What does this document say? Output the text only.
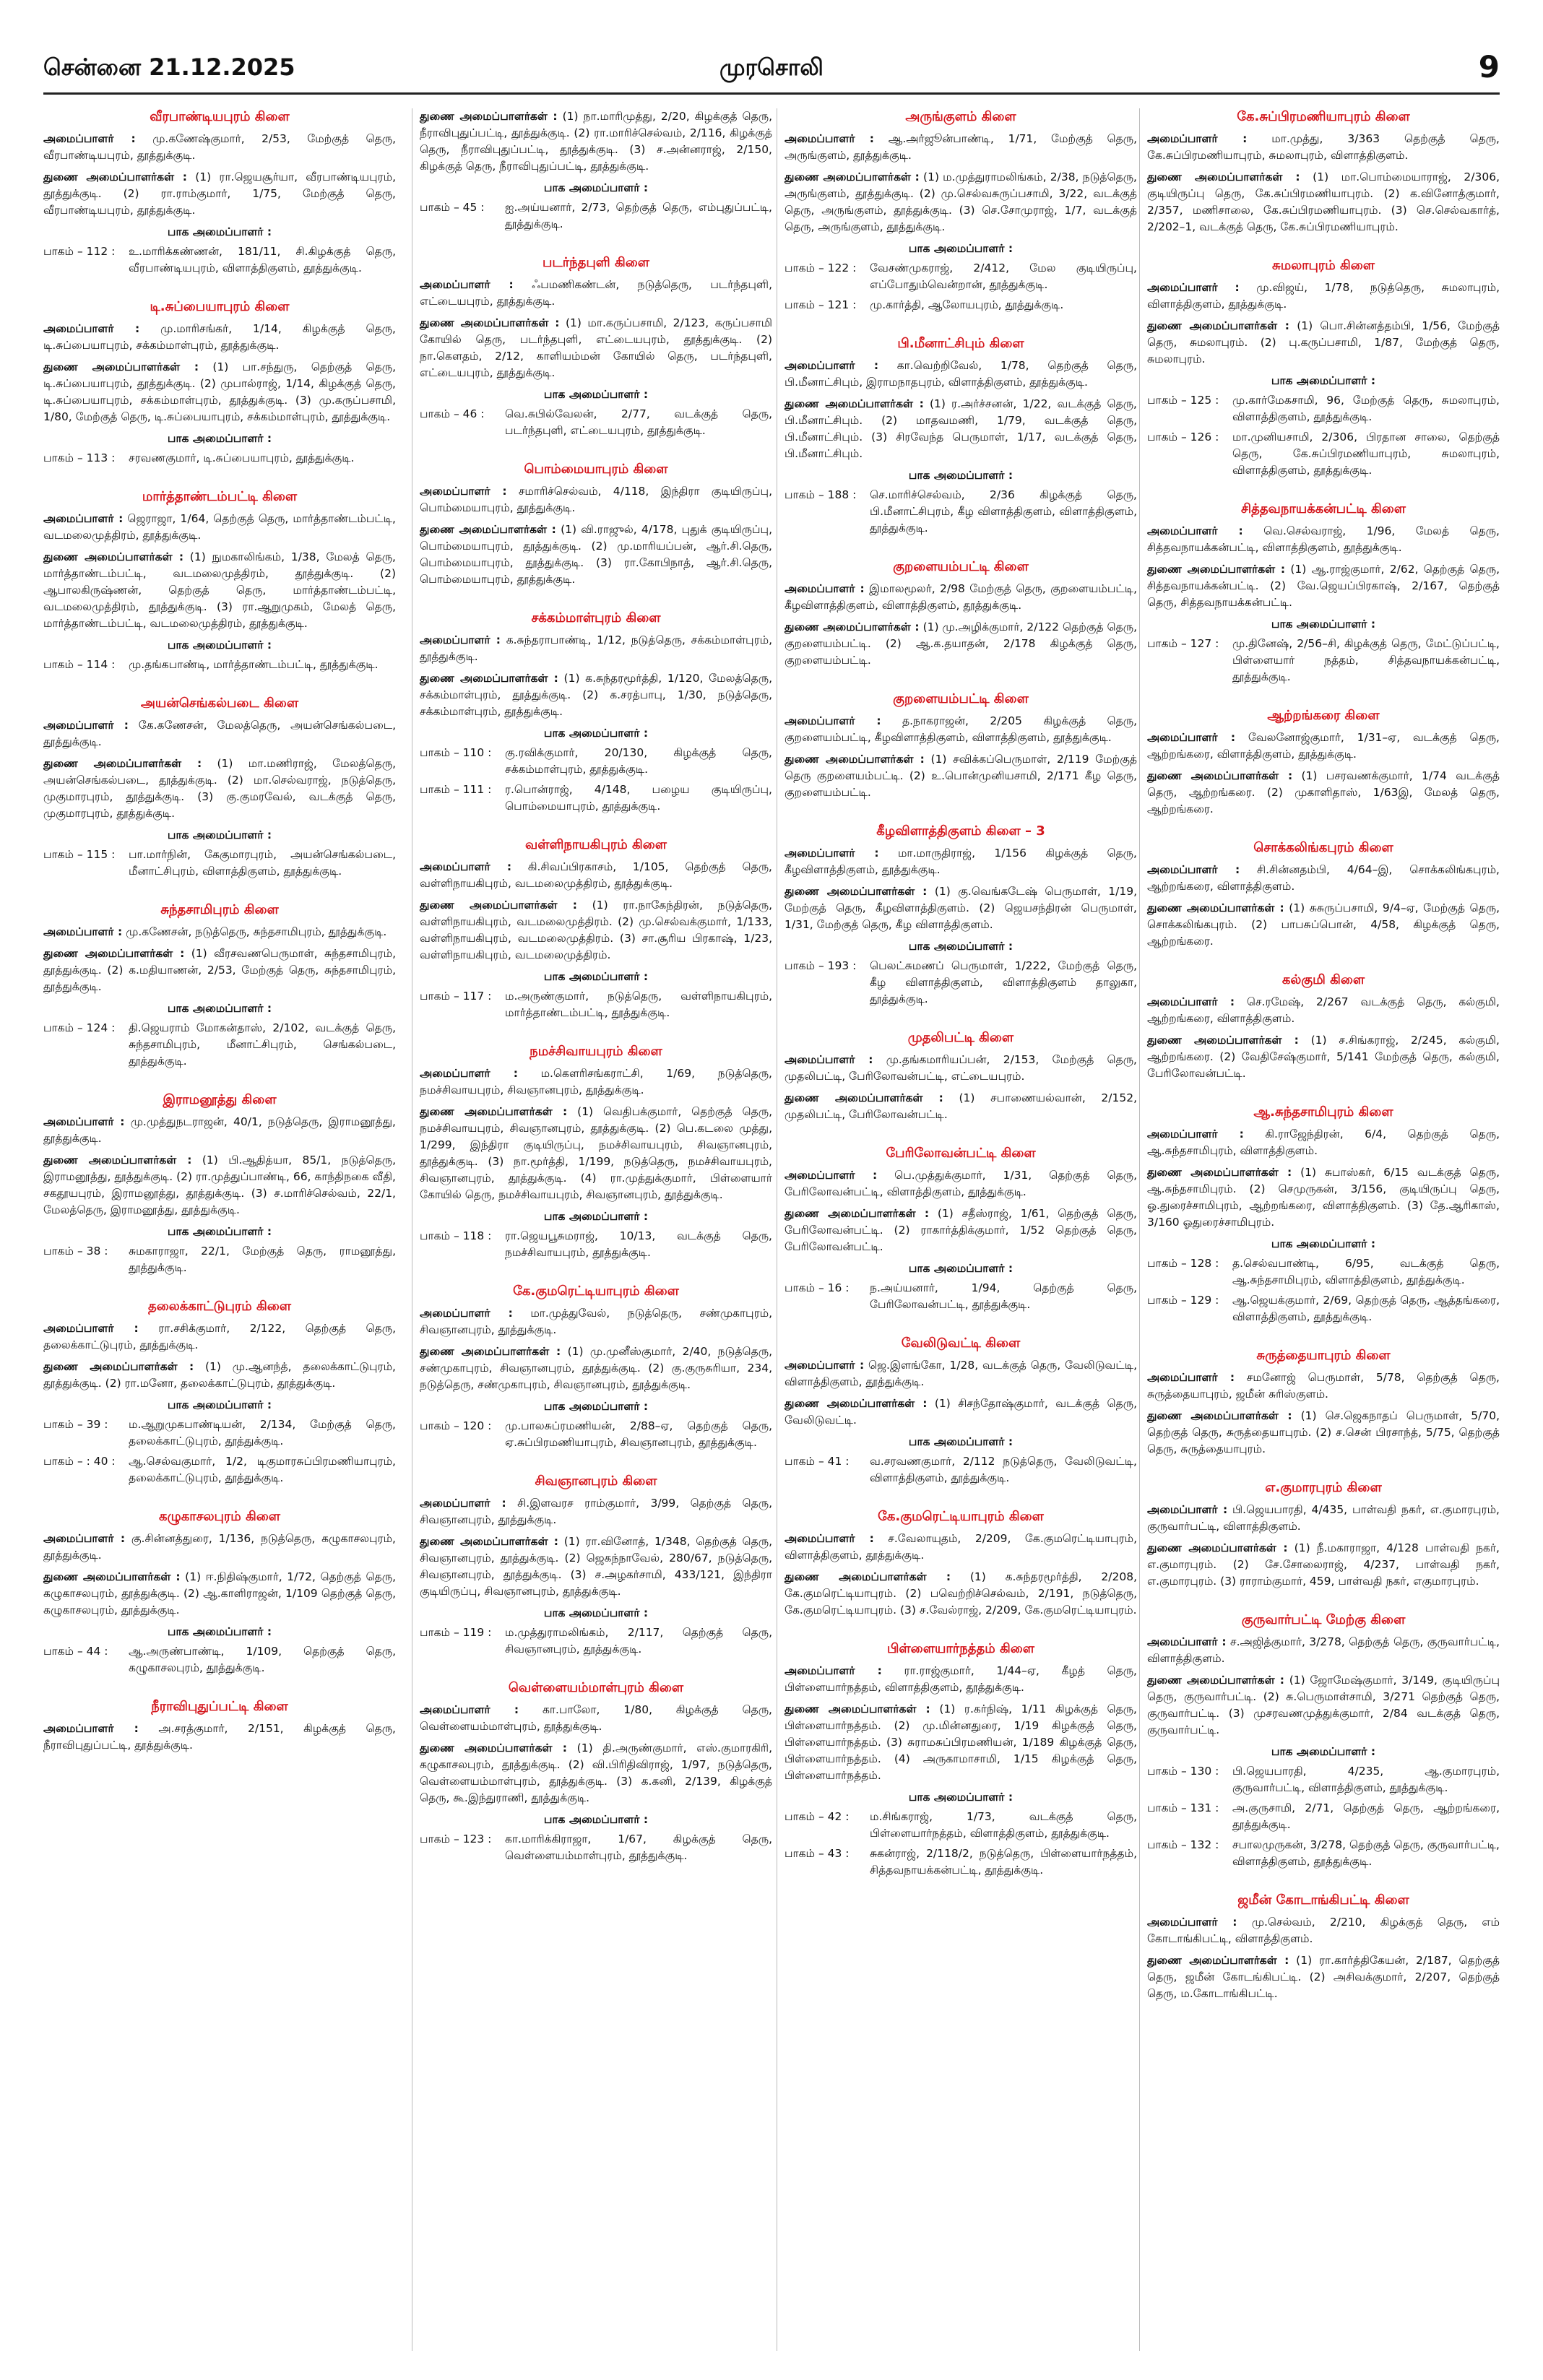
சென்னை 21.12.2025	முரசொலி	9
வீரபாண்டியபுரம் கிளை

அமைப்பாளர் : மு.கணேஷ்குமார், 2/53, மேற்குத் தெரு, வீரபாண்டியபுரம், தூத்துக்குடி.

துணை அமைப்பாளர்கள் : (1) ரா.ஜெயசூர்யா, வீரபாண்டியபுரம், தூத்துக்குடி. (2) ரா.ராம்குமார், 1/75, மேற்குத் தெரு, வீரபாண்டியபுரம், தூத்துக்குடி.

பாக அமைப்பாளர் :
பாகம் – 112 :	உ.மாரிக்கண்ணன், 181/11, சி.கிழக்குத் தெரு, வீரபாண்டியபுரம், விளாத்திகுளம், தூத்துக்குடி.
டி.சுப்பையாபுரம் கிளை

அமைப்பாளர் : மு.மாரிசங்கர், 1/14, கிழக்குத் தெரு, டி.சுப்பையாபுரம், சக்கம்மாள்புரம், தூத்துக்குடி.

துணை அமைப்பாளர்கள் : (1) பா.சந்துரு, தெற்குத் தெரு, டி.சுப்பையாபுரம், தூத்துக்குடி. (2) முபால்ராஜ், 1/14, கிழக்குத் தெரு, டி.சுப்பையாபுரம், சக்கம்மாள்புரம், தூத்துக்குடி. (3) மு.கருப்பசாமி, 1/80, மேற்குத் தெரு, டி.சுப்பையாபுரம், சக்கம்மாள்புரம், தூத்துக்குடி.

பாக அமைப்பாளர் :
பாகம் – 113 :	சரவணகுமார், டி.சுப்பையாபுரம், தூத்துக்குடி.
மார்த்தாண்டம்பட்டி கிளை

அமைப்பாளர் : ஜெராஜா, 1/64, தெற்குத் தெரு, மார்த்தாண்டம்பட்டி, வடமலைமுத்திரம், தூத்துக்குடி.

துணை அமைப்பாளர்கள் : (1) நுமகாலிங்கம், 1/38, மேலத் தெரு, மார்த்தாண்டம்பட்டி, வடமலைமுத்திரம், தூத்துக்குடி. (2) ஆபாலகிருஷ்ணன், தெற்குத் தெரு, மார்த்தாண்டம்பட்டி, வடமலைமுத்திரம், தூத்துக்குடி. (3) ரா.ஆறுமுகம், மேலத் தெரு, மார்த்தாண்டம்பட்டி, வடமலைமுத்திரம், தூத்துக்குடி.

பாக அமைப்பாளர் :
பாகம் – 114 :	மு.தங்கபாண்டி, மார்த்தாண்டம்பட்டி, தூத்துக்குடி.
அயன்செங்கல்படை கிளை

அமைப்பாளர் : கே.கணேசன், மேலத்தெரு, அயன்செங்கல்படை, தூத்துக்குடி.

துணை அமைப்பாளர்கள் : (1) மா.மணிராஜ், மேலத்தெரு, அயன்செங்கல்படை, தூத்துக்குடி. (2) மா.செல்வராஜ், நடுத்தெரு, முகுமாரபுரம், தூத்துக்குடி. (3) கு.குமரவேல், வடக்குத் தெரு, முகுமாரபுரம், தூத்துக்குடி.

பாக அமைப்பாளர் :
பாகம் – 115 :	பா.மார்நின், கேகுமாரபுரம், அயன்செங்கல்படை, மீனாட்சிபுரம், விளாத்திகுளம், தூத்துக்குடி.
சுந்தசாமிபுரம் கிளை

அமைப்பாளர் : மு.கணேசன், நடுத்தெரு, சுந்தசாமிபுரம், தூத்துக்குடி.

துணை அமைப்பாளர்கள் : (1) வீரசவணபெருமாள், சுந்தசாமிபுரம், தூத்துக்குடி. (2) க.மதியாணன், 2/53, மேற்குத் தெரு, சுந்தசாமிபுரம், தூத்துக்குடி.

பாக அமைப்பாளர் :
பாகம் – 124 :	தி.ஜெயராம் மோகன்தாஸ், 2/102, வடக்குத் தெரு, சுந்தசாமிபுரம், மீனாட்சிபுரம், செங்கல்படை, தூத்துக்குடி.
இராமனூத்து கிளை

அமைப்பாளர் : மு.முத்துநடராஜன், 40/1, நடுத்தெரு, இராமனூத்து, தூத்துக்குடி.

துணை அமைப்பாளர்கள் : (1) பி.ஆதித்யா, 85/1, நடுத்தெரு, இராமனூத்து, தூத்துக்குடி. (2) ரா.முத்துப்பாண்டி, 66, காந்திநகை வீதி, சகதூயபுரம், இராமனூத்து, தூத்துக்குடி. (3) ச.மாரிச்செல்வம், 22/1, மேலத்தெரு, இராமனூத்து, தூத்துக்குடி.

பாக அமைப்பாளர் :
பாகம் – 38 :	சுமகாராஜா, 22/1, மேற்குத் தெரு, ராமனூத்து, தூத்துக்குடி.
தலைக்காட்டுபுரம் கிளை

அமைப்பாளர் : ரா.சசிக்குமார், 2/122, தெற்குத் தெரு, தலைக்காட்டுபுரம், தூத்துக்குடி.

துணை அமைப்பாளர்கள் : (1) மு.ஆனந்த், தலைக்காட்டுபுரம், தூத்துக்குடி. (2) ரா.மனோ, தலைக்காட்டுபுரம், தூத்துக்குடி.

பாக அமைப்பாளர் :
பாகம் – 39 :	ம.ஆறுமுகபாண்டியன், 2/134, மேற்குத் தெரு, தலைக்காட்டுபுரம், தூத்துக்குடி.
பாகம் – : 40 :	ஆ.செல்வகுமார், 1/2, டிகுமாரசுப்பிரமணியாபுரம், தலைக்காட்டுபுரம், தூத்துக்குடி.
கழுகாசலபுரம் கிளை

அமைப்பாளர் : கு.சின்னத்துரை, 1/136, நடுத்தெரு, கழுகாசலபுரம், தூத்துக்குடி.

துணை அமைப்பாளர்கள் : (1) ஈ.நிதிஷ்குமார், 1/72, தெற்குத் தெரு, கழுகாசலபுரம், தூத்துக்குடி. (2) ஆ.காளிராஜன், 1/109 தெற்குத் தெரு, கழுகாசலபுரம், தூத்துக்குடி.

பாக அமைப்பாளர் :
பாகம் – 44 :	ஆ.அருண்பாண்டி, 1/109, தெற்குத் தெரு, கழுகாசலபுரம், தூத்துக்குடி.
நீராவிபுதுப்பட்டி கிளை

அமைப்பாளர் : அ.சரத்குமார், 2/151, கிழக்குத் தெரு, நீராவிபுதுப்பட்டி, தூத்துக்குடி.

துணை அமைப்பாளர்கள் : (1) நா.மாரிமுத்து, 2/20, கிழக்குத் தெரு, நீராவிபுதுப்பட்டி, தூத்துக்குடி. (2) ரா.மாரிச்செல்வம், 2/116, கிழக்குத் தெரு, நீராவிபுதுப்பட்டி, தூத்துக்குடி. (3) ச.அன்னராஜ், 2/150, கிழக்குத் தெரு, நீராவிபுதுப்பட்டி, தூத்துக்குடி.

பாக அமைப்பாளர் :
பாகம் – 45 :	ஐ.அய்யனார், 2/73, தெற்குத் தெரு, எம்புதுப்பட்டி, தூத்துக்குடி.
படர்ந்தபுளி கிளை

அமைப்பாளர் : ஃபமணிகண்டன், நடுத்தெரு, படர்ந்தபுளி, எட்டையபுரம், தூத்துக்குடி.

துணை அமைப்பாளர்கள் : (1) மா.கருப்பசாமி, 2/123, கருப்பசாமி கோயில் தெரு, படர்ந்தபுளி, எட்டையபுரம், தூத்துக்குடி. (2) நா.கௌதம், 2/12, காளியம்மன் கோயில் தெரு, படர்ந்தபுளி, எட்டையபுரம், தூத்துக்குடி.

பாக அமைப்பாளர் :
பாகம் – 46 :	வெ.சுபில்வேலன், 2/77, வடக்குத் தெரு, படர்ந்தபுளி, எட்டையபுரம், தூத்துக்குடி.
பொம்மையாபுரம் கிளை

அமைப்பாளர் : சமாரிச்செல்வம், 4/118, இந்திரா குடியிருப்பு, பொம்மையாபுரம், தூத்துக்குடி.

துணை அமைப்பாளர்கள் : (1) வி.ராஜுல், 4/178, புதுக் குடியிருப்பு, பொம்மையாபுரம், தூத்துக்குடி. (2) மு.மாரியப்பன், ஆர்.சி.தெரு, பொம்மையாபுரம், தூத்துக்குடி. (3) ரா.கோபிநாத், ஆர்.சி.தெரு, பொம்மையாபுரம், தூத்துக்குடி.

சக்கம்மாள்புரம் கிளை

அமைப்பாளர் : க.சுந்தராபாண்டி, 1/12, நடுத்தெரு, சக்கம்மாள்புரம், தூத்துக்குடி.

துணை அமைப்பாளர்கள் : (1) க.சுந்தரமூர்த்தி, 1/120, மேலத்தெரு, சக்கம்மாள்புரம், தூத்துக்குடி. (2) க.சரத்பாபு, 1/30, நடுத்தெரு, சக்கம்மாள்புரம், தூத்துக்குடி.

பாக அமைப்பாளர் :
பாகம் – 110 :	கு.ரவிக்குமார், 20/130, கிழக்குத் தெரு, சக்கம்மாள்புரம், தூத்துக்குடி.
பாகம் – 111 :	ர.பொன்ராஜ், 4/148, பழைய குடியிருப்பு, பொம்மையாபுரம், தூத்துக்குடி.
வள்ளிநாயகிபுரம் கிளை

அமைப்பாளர் : கி.சிவப்பிரகாசம், 1/105, தெற்குத் தெரு, வள்ளிநாயகிபுரம், வடமலைமுத்திரம், தூத்துக்குடி.

துணை அமைப்பாளர்கள் : (1) ரா.நாகேந்திரன், நடுத்தெரு, வள்ளிநாயகிபுரம், வடமலைமுத்திரம். (2) மு.செல்வக்குமார், 1/133, வள்ளிநாயகிபுரம், வடமலைமுத்திரம். (3) சா.சூரிய பிரகாஷ், 1/23, வள்ளிநாயகிபுரம், வடமலைமுத்திரம்.

பாக அமைப்பாளர் :
பாகம் – 117 :	ம.அருண்குமார், நடுத்தெரு, வள்ளிநாயகிபுரம், மார்த்தாண்டம்பட்டி, தூத்துக்குடி.
நமச்சிவாயபுரம் கிளை

அமைப்பாளர் : ம.கௌரிசங்கராட்சி, 1/69, நடுத்தெரு, நமச்சிவாயபுரம், சிவஞானபுரம், தூத்துக்குடி.

துணை அமைப்பாளர்கள் : (1) வெதிபக்குமார், தெற்குத் தெரு, நமச்சிவாயபுரம், சிவஞானபுரம், தூத்துக்குடி. (2) பெ.கடலை முத்து, 1/299, இந்திரா குடியிருப்பு, நமச்சிவாயபுரம், சிவஞானபுரம், தூத்துக்குடி. (3) நா.மூர்த்தி, 1/199, நடுத்தெரு, நமச்சிவாயபுரம், சிவஞானபுரம், தூத்துக்குடி. (4) ரா.முத்துக்குமார், பிள்ளையார் கோயில் தெரு, நமச்சிவாயபுரம், சிவஞானபுரம், தூத்துக்குடி.

பாக அமைப்பாளர் :
பாகம் – 118 :	ரா.ஜெயபூசுமராஜ், 10/13, வடக்குத் தெரு, நமச்சிவாயபுரம், தூத்துக்குடி.
கே.குமரெட்டியாபுரம் கிளை

அமைப்பாளர் : மா.முத்துவேல், நடுத்தெரு, சண்முகாபுரம், சிவஞானபுரம், தூத்துக்குடி.

துணை அமைப்பாளர்கள் : (1) மு.முனீஸ்குமார், 2/40, நடுத்தெரு, சண்முகாபுரம், சிவஞானபுரம், தூத்துக்குடி. (2) கு.குருசுரியா, 234, நடுத்தெரு, சண்முகாபுரம், சிவஞானபுரம், தூத்துக்குடி.

பாக அமைப்பாளர் :
பாகம் – 120 :	மு.பாலசுப்ரமணியன், 2/88–ஏ, தெற்குத் தெரு, ஏ.சுப்பிரமணியாபுரம், சிவஞானபுரம், தூத்துக்குடி.
சிவஞானபுரம் கிளை

அமைப்பாளர் : சி.இளவரச ராம்குமார், 3/99, தெற்குத் தெரு, சிவஞானபுரம், தூத்துக்குடி.

துணை அமைப்பாளர்கள் : (1) ரா.வினோத், 1/348, தெற்குத் தெரு, சிவஞானபுரம், தூத்துக்குடி. (2) ஜெகந்நாவேல், 280/67, நடுத்தெரு, சிவஞானபுரம், தூத்துக்குடி. (3) ச.அழகர்சாமி, 433/121, இந்திரா குடியிருப்பு, சிவஞானபுரம், தூத்துக்குடி.

பாக அமைப்பாளர் :
பாகம் – 119 :	ம.முத்துராமலிங்கம், 2/117, தெற்குத் தெரு, சிவஞானபுரம், தூத்துக்குடி.
வெள்ளையம்மாள்புரம் கிளை

அமைப்பாளர் : கா.பாலோ, 1/80, கிழக்குத் தெரு, வெள்ளையம்மாள்புரம், தூத்துக்குடி.

துணை அமைப்பாளர்கள் : (1) தி.அருண்குமார், எஸ்.குமாரகிரி, கழுகாசலபுரம், தூத்துக்குடி. (2) வி.பிரிதிவிராஜ், 1/97, நடுத்தெரு, வெள்ளையம்மாள்புரம், தூத்துக்குடி. (3) க.கனி, 2/139, கிழக்குத் தெரு, கூ.இந்துராணி, தூத்துக்குடி.

பாக அமைப்பாளர் :
பாகம் – 123 :	கா.மாரிக்கிராஜா, 1/67, கிழக்குத் தெரு, வெள்ளையம்மாள்புரம், தூத்துக்குடி.
அருங்குளம் கிளை

அமைப்பாளர் : ஆ.அர்ஜூன்பாண்டி, 1/71, மேற்குத் தெரு, அருங்குளம், தூத்துக்குடி.

துணை அமைப்பாளர்கள் : (1) ம.முத்துராமலிங்கம், 2/38, நடுத்தெரு, அருங்குளம், தூத்துக்குடி. (2) மு.செல்வசுருப்பசாமி, 3/22, வடக்குத் தெரு, அருங்குளம், தூத்துக்குடி. (3) செ.சோமுராஜ், 1/7, வடக்குத் தெரு, அருங்குளம், தூத்துக்குடி.

பாக அமைப்பாளர் :
பாகம் – 122 :	வேசண்முகராஜ், 2/412, மேல குடியிருப்பு, எப்போதும்வென்றான், தூத்துக்குடி.
பாகம் – 121 :	மு.கார்த்தி, ஆலோயபுரம், தூத்துக்குடி.
பி.மீனாட்சிபும் கிளை

அமைப்பாளர் : கா.வெற்றிவேல், 1/78, தெற்குத் தெரு, பி.மீனாட்சிபும், இராமநாதபுரம், விளாத்திகுளம், தூத்துக்குடி.

துணை அமைப்பாளர்கள் : (1) ர.அர்ச்சனன், 1/22, வடக்குத் தெரு, பி.மீனாட்சிபும். (2) மாதவமணி, 1/79, வடக்குத் தெரு, பி.மீனாட்சிபும். (3) சிரவேந்த பெருமாள், 1/17, வடக்குத் தெரு, பி.மீனாட்சிபும்.

பாக அமைப்பாளர் :
பாகம் – 188 :	செ.மாரிச்செல்வம், 2/36 கிழக்குத் தெரு, பி.மீனாட்சிபுரம், கீழ விளாத்திகுளம், விளாத்திகுளம், தூத்துக்குடி.
குறளையம்பட்டி கிளை

அமைப்பாளர் : இமாலமூலர், 2/98 மேற்குத் தெரு, குறளையம்பட்டி, கீழவிளாத்திகுளம், விளாத்திகுளம், தூத்துக்குடி.

துணை அமைப்பாளர்கள் : (1) மு.அழிக்குமார், 2/122 தெற்குத் தெரு, குறளையம்பட்டி. (2) ஆ.க.தயாதன், 2/178 கிழக்குத் தெரு, குறளையம்பட்டி.

குறளையம்பட்டி கிளை

அமைப்பாளர் : த.நாகராஜன், 2/205 கிழக்குத் தெரு, குறளையம்பட்டி, கீழவிளாத்திகுளம், விளாத்திகுளம், தூத்துக்குடி.

துணை அமைப்பாளர்கள் : (1) சவிக்கப்பெருமாள், 2/119 மேற்குத் தெரு குறளையம்பட்டி. (2) உ.பொன்முனியசாமி, 2/171 கீழ தெரு, குறளையம்பட்டி.

கீழவிளாத்திகுளம் கிளை – 3

அமைப்பாளர் : மா.மாருதிராஜ், 1/156 கிழக்குத் தெரு, கீழவிளாத்திகுளம், தூத்துக்குடி.

துணை அமைப்பாளர்கள் : (1) கு.வெங்கடேஷ் பெருமாள், 1/19, மேற்குத் தெரு, கீழவிளாத்திகுளம். (2) ஜெயசந்திரன் பெருமாள், 1/31, மேற்குத் தெரு, கீழ விளாத்திகுளம்.

பாக அமைப்பாளர் :
பாகம் – 193 :	பெலட்சுமணப் பெருமாள், 1/222, மேற்குத் தெரு, கீழ விளாத்திகுளம், விளாத்திகுளம் தாலுகா, தூத்துக்குடி.
முதலிபட்டி கிளை

அமைப்பாளர் : மு.தங்கமாரியப்பன், 2/153, மேற்குத் தெரு, முதலிபட்டி, பேரிலோவன்பட்டி, எட்டையபுரம்.

துணை அமைப்பாளர்கள் : (1) சபாணையல்வான், 2/152, முதலிபட்டி, பேரிலோவன்பட்டி.

பேரிலோவன்பட்டி கிளை

அமைப்பாளர் : பெ.முத்துக்குமார், 1/31, தெற்குத் தெரு, பேரிலோவன்பட்டி, விளாத்திகுளம், தூத்துக்குடி.

துணை அமைப்பாளர்கள் : (1) சதீஸ்ராஜ், 1/61, தெற்குத் தெரு, பேரிலோவன்பட்டி. (2) ராகார்த்திக்குமார், 1/52 தெற்குத் தெரு, பேரிலோவன்பட்டி.

பாக அமைப்பாளர் :
பாகம் – 16 :	ந.அய்யனார், 1/94, தெற்குத் தெரு, பேரிலோவன்பட்டி, தூத்துக்குடி.
வேலிடுவட்டி கிளை

அமைப்பாளர் : ஜெ.இளங்கோ, 1/28, வடக்குத் தெரு, வேலிடுவட்டி, விளாத்திகுளம், தூத்துக்குடி.

துணை அமைப்பாளர்கள் : (1) சிசந்தோஷ்குமார், வடக்குத் தெரு, வேலிடுவட்டி.

பாக அமைப்பாளர் :
பாகம் – 41 :	வ.சரவணகுமார், 2/112 நடுத்தெரு, வேலிடுவட்டி, விளாத்திகுளம், தூத்துக்குடி.
கே.குமரெட்டியாபுரம் கிளை

அமைப்பாளர் : ச.வேலாயுதம், 2/209, கே.குமரெட்டியாபுரம், விளாத்திகுளம், தூத்துக்குடி.

துணை அமைப்பாளர்கள் : (1) க.சுந்தரமூர்த்தி, 2/208, கே.குமரெட்டியாபுரம். (2) பவெற்றிச்செல்வம், 2/191, நடுத்தெரு, கே.குமரெட்டியாபுரம். (3) ச.வேல்ராஜ், 2/209, கே.குமரெட்டியாபுரம்.

பிள்ளையார்நத்தம் கிளை

அமைப்பாளர் : ரா.ராஜ்குமார், 1/44–ஏ, கீழத் தெரு, பிள்ளையார்நத்தம், விளாத்திகுளம், தூத்துக்குடி.

துணை அமைப்பாளர்கள் : (1) ர.கர்நிஷ், 1/11 கிழக்குத் தெரு, பிள்ளையார்நத்தம். (2) மு.மின்னதுரை, 1/19 கிழக்குத் தெரு, பிள்ளையார்நத்தம். (3) சுராமசுப்பிரமணியன், 1/189 கிழக்குத் தெரு, பிள்ளையார்நத்தம். (4) அருகாமாசாமி, 1/15 கிழக்குத் தெரு, பிள்ளையார்நத்தம்.

பாக அமைப்பாளர் :
பாகம் – 42 :	ம.சிங்கராஜ், 1/73, வடக்குத் தெரு, பிள்ளையார்நத்தம், விளாத்திகுளம், தூத்துக்குடி.
பாகம் – 43 :	சுகன்ராஜ், 2/118/2, நடுத்தெரு, பிள்ளையார்நத்தம், சித்தவநாயக்கன்பட்டி, தூத்துக்குடி.
கே.சுப்பிரமணியாபுரம் கிளை

அமைப்பாளர் : மா.முத்து, 3/363 தெற்குத் தெரு, கே.சுப்பிரமணியாபுரம், சுமலாபுரம், விளாத்திகுளம்.

துணை அமைப்பாளர்கள் : (1) மா.பொம்மையாராஜ், 2/306, குடியிருப்பு தெரு, கே.சுப்பிரமணியாபுரம். (2) க.வினோத்குமார், 2/357, மணிசாலை, கே.சுப்பிரமணியாபுரம். (3) செ.செல்வகார்த், 2/202–1, வடக்குத் தெரு, கே.சுப்பிரமணியாபுரம்.

சுமலாபுரம் கிளை

அமைப்பாளர் : மு.விஜய், 1/78, நடுத்தெரு, சுமலாபுரம், விளாத்திகுளம், தூத்துக்குடி.

துணை அமைப்பாளர்கள் : (1) பொ.சின்னத்தம்பி, 1/56, மேற்குத் தெரு, சுமலாபுரம். (2) பு.கருப்பசாமி, 1/87, மேற்குத் தெரு, சுமலாபுரம்.

பாக அமைப்பாளர் :
பாகம் – 125 :	மு.கார்மேகசாமி, 96, மேற்குத் தெரு, சுமலாபுரம், விளாத்திகுளம், தூத்துக்குடி.
பாகம் – 126 :	மா.முனியசாமி, 2/306, பிரதான சாலை, தெற்குத் தெரு, கே.சுப்பிரமணியாபுரம், சுமலாபுரம், விளாத்திகுளம், தூத்துக்குடி.
சித்தவநாயக்கன்பட்டி கிளை

அமைப்பாளர் : வெ.செல்வராஜ், 1/96, மேலத் தெரு, சித்தவநாயக்கன்பட்டி, விளாத்திகுளம், தூத்துக்குடி.

துணை அமைப்பாளர்கள் : (1) ஆ.ராஜ்குமார், 2/62, தெற்குத் தெரு, சித்தவநாயக்கன்பட்டி. (2) வே.ஜெயப்பிரகாஷ், 2/167, தெற்குத் தெரு, சித்தவநாயக்கன்பட்டி.

பாக அமைப்பாளர் :
பாகம் – 127 :	மு.தினேஷ், 2/56–சி, கிழக்குத் தெரு, மேட்டுப்பட்டி, பிள்ளையார் நத்தம், சித்தவநாயக்கன்பட்டி, தூத்துக்குடி.
ஆற்றங்கரை கிளை

அமைப்பாளர் : வேலனோஜ்குமார், 1/31–ஏ, வடக்குத் தெரு, ஆற்றங்கரை, விளாத்திகுளம், தூத்துக்குடி.

துணை அமைப்பாளர்கள் : (1) பசரவணக்குமார், 1/74 வடக்குத் தெரு, ஆற்றங்கரை. (2) முகாளிதாஸ், 1/63இ, மேலத் தெரு, ஆற்றங்கரை.

சொக்கலிங்கபுரம் கிளை

அமைப்பாளர் : சி.சின்னதம்பி, 4/64–இ, சொக்கலிங்கபுரம், ஆற்றங்கரை, விளாத்திகுளம்.

துணை அமைப்பாளர்கள் : (1) சுசுருப்பசாமி, 9/4–ஏ, மேற்குத் தெரு, சொக்கலிங்கபுரம். (2) பாபசுப்பொன், 4/58, கிழக்குத் தெரு, ஆற்றங்கரை.

கல்குமி கிளை

அமைப்பாளர் : செ.ரமேஷ், 2/267 வடக்குத் தெரு, கல்குமி, ஆற்றங்கரை, விளாத்திகுளம்.

துணை அமைப்பாளர்கள் : (1) ச.சிங்கராஜ், 2/245, கல்குமி, ஆற்றங்கரை. (2) வேதிசேஷ்குமார், 5/141 மேற்குத் தெரு, கல்குமி, பேரிலோவன்பட்டி.

ஆ.சுந்தசாமிபுரம் கிளை

அமைப்பாளர் : கி.ராஜேந்திரன், 6/4, தெற்குத் தெரு, ஆ.சுந்தசாமிபுரம், விளாத்திகுளம்.

துணை அமைப்பாளர்கள் : (1) சுபாஸ்கர், 6/15 வடக்குத் தெரு, ஆ.சுந்தசாமிபுரம். (2) செமுருகன், 3/156, குடியிருப்பு தெரு, ஓ.துரைச்சாமிபுரம், ஆற்றங்கரை, விளாத்திகுளம். (3) தே.ஆரிகாஸ், 3/160 ஓதுரைச்சாமிபுரம்.

பாக அமைப்பாளர் :
பாகம் – 128 :	த.செல்வபாண்டி, 6/95, வடக்குத் தெரு, ஆ.சுந்தசாமிபுரம், விளாத்திகுளம், தூத்துக்குடி.
பாகம் – 129 :	ஆ.ஜெயக்குமார், 2/69, தெற்குத் தெரு, ஆத்தங்கரை, விளாத்திகுளம், தூத்துக்குடி.
சுருத்தையாபுரம் கிளை

அமைப்பாளர் : சமனோஜ் பெருமாள், 5/78, தெற்குத் தெரு, சுருத்தையாபுரம், ஜமீன் சுரிஸ்குளம்.

துணை அமைப்பாளர்கள் : (1) செ.ஜெகநாதப் பெருமாள், 5/70, தெற்குத் தெரு, சுருத்தையாபுரம். (2) ச.சென் பிரசாந்த், 5/75, தெற்குத் தெரு, சுருத்தையாபுரம்.

எ.குமாரபுரம் கிளை

அமைப்பாளர் : பி.ஜெயபாரதி, 4/435, பாள்வதி நகர், எ.குமாரபுரம், குருவார்பட்டி, விளாத்திகுளம்.

துணை அமைப்பாளர்கள் : (1) நீ.மகாராஜா, 4/128 பாள்வதி நகர், எ.குமாரபுரம். (2) சே.சோலைராஜ், 4/237, பாள்வதி நகர், எ.குமாரபுரம். (3) ராராம்குமார், 459, பாள்வதி நகர், எகுமாரபுரம்.

குருவார்பட்டி மேற்கு கிளை

அமைப்பாளர் : ச.அஜித்குமார், 3/278, தெற்குத் தெரு, குருவார்பட்டி, விளாத்திகுளம்.

துணை அமைப்பாளர்கள் : (1) ஜோமேஷ்குமார், 3/149, குடியிருப்பு தெரு, குருவார்பட்டி. (2) சு.பெருமாள்சாமி, 3/271 தெற்குத் தெரு, குருவார்பட்டி. (3) முசரவணமுத்துக்குமார், 2/84 வடக்குத் தெரு, குருவார்பட்டி.

பாக அமைப்பாளர் :
பாகம் – 130 :	பி.ஜெயபாரதி, 4/235, ஆ.குமாரபுரம், குருவார்பட்டி, விளாத்திகுளம், தூத்துக்குடி.
பாகம் – 131 :	அ.குருசாமி, 2/71, தெற்குத் தெரு, ஆற்றங்கரை, தூத்துக்குடி.
பாகம் – 132 :	சபாலமுருகன், 3/278, தெற்குத் தெரு, குருவார்பட்டி, விளாத்திகுளம், தூத்துக்குடி.
ஜமீன் கோடாங்கிபட்டி கிளை

அமைப்பாளர் : மு.செல்வம், 2/210, கிழக்குத் தெரு, எம் கோடாங்கிபட்டி, விளாத்திகுளம்.

துணை அமைப்பாளர்கள் : (1) ரா.கார்த்திகேயன், 2/187, தெற்குத் தெரு, ஜமீன் கோடங்கிபட்டி. (2) அசிவக்குமார், 2/207, தெற்குத் தெரு, ம.கோடாங்கிபட்டி.
